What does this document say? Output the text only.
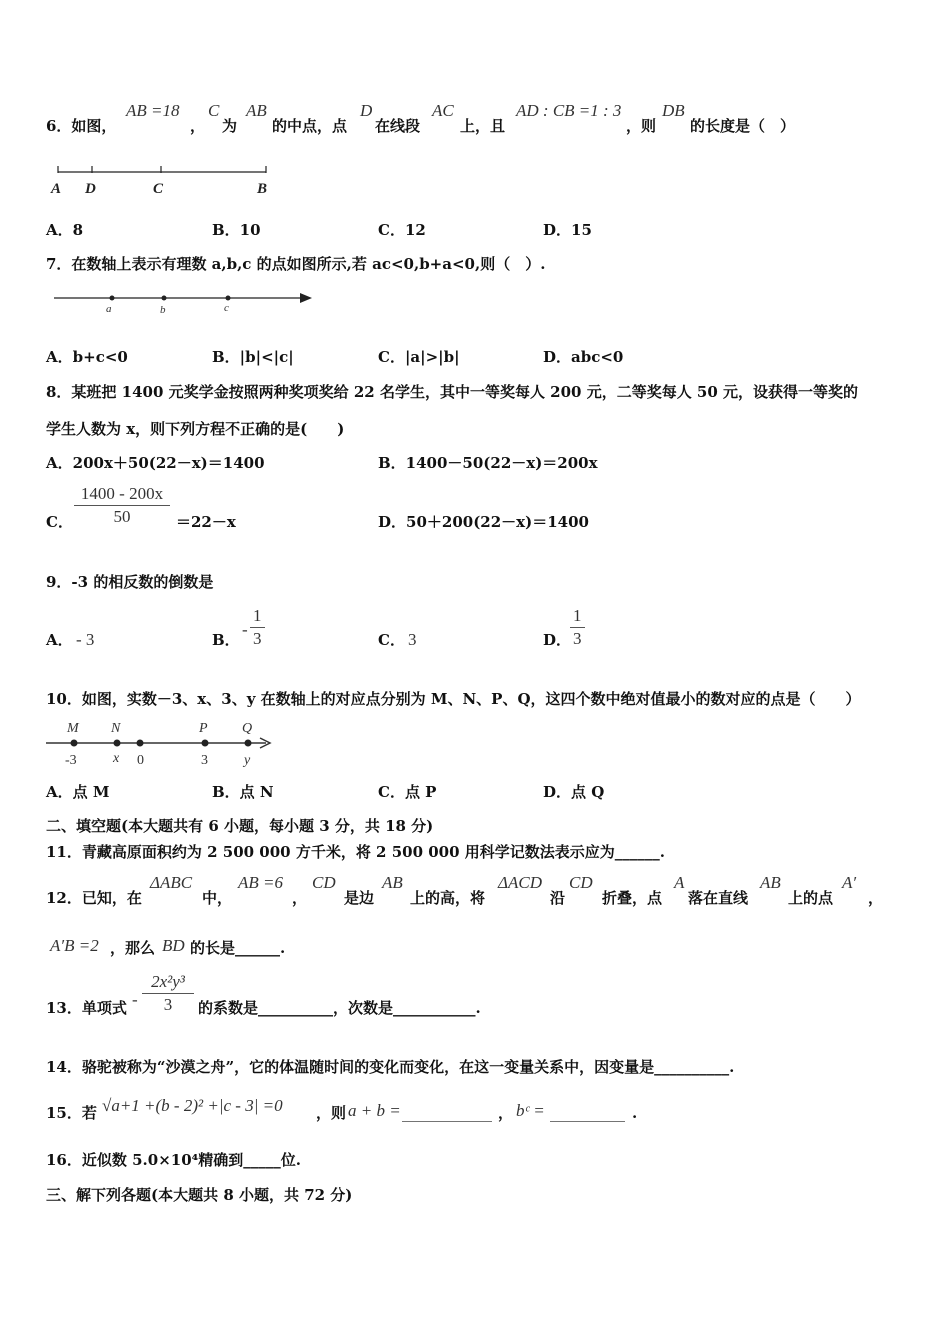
6．如图，
AB =18
，
C
为
AB
的中点，点
D
在线段
AC
上，且
AD : CB =1 : 3
，则
DB
的长度是（　）
A D	C	B
A．8	B．10	C．12	D．15
7．在数轴上表示有理数 a,b,c 的点如图所示,若 ac<0,b+a<0,则（　）.
a	b	c
A．b+c<0	B．|b|<|c|	C．|a|>|b|	D．abc<0
8．某班把 1400 元奖学金按照两种奖项奖给 22 名学生，其中一等奖每人 200 元，二等奖每人 50 元，设获得一等奖的
学生人数为 x，则下列方程不正确的是(　　)
A．200x＋50(22－x)＝1400	B．1400－50(22－x)＝200x
C． $\frac{1400 - 200x}{50} =22-x$	D．50＋200(22－x)＝1400
9．-3 的相反数的倒数是
A． - 3	B．
- $\frac{1}{3}$	C． 3	D．
$\frac{1}{3}$
10．如图，实数－3、x、3、y 在数轴上的对应点分别为 M、N、P、Q，这四个数中绝对值最小的数对应的点是（　　）
M N	P Q
-3	x 0	3	y
A．点 M	B．点 N	C．点 P	D．点 Q
二、填空题(本大题共有 6 小题，每小题 3 分，共 18 分)
11．青藏高原面积约为 2 500 000 方千米，将 2 500 000 用科学记数法表示应为______.
12．已知，在
ΔABC
中，
AB =6
，
CD
是边
AB
上的高，将
ΔACD
沿
CD
折叠，点
A
落在直线
AB
上的点
A′
，
A′B =2 ，那么 BD 的长是______.
13．单项式 - $\frac{\text{2x²y³}}{3}$ 的系数是__________，次数是___________.
14．骆驼被称为“沙漠之舟”，它的体温随时间的变化而变化，在这一变量关系中，因变量是__________.
15．若 √a+1 +(b - 2)² +|c - 3| =0 ，则 a + b = ____________ ， bᶜ = __________ .
16．近似数 5.0×10⁴精确到_____位.
三、解下列各题(本大题共 8 小题，共 72 分)
